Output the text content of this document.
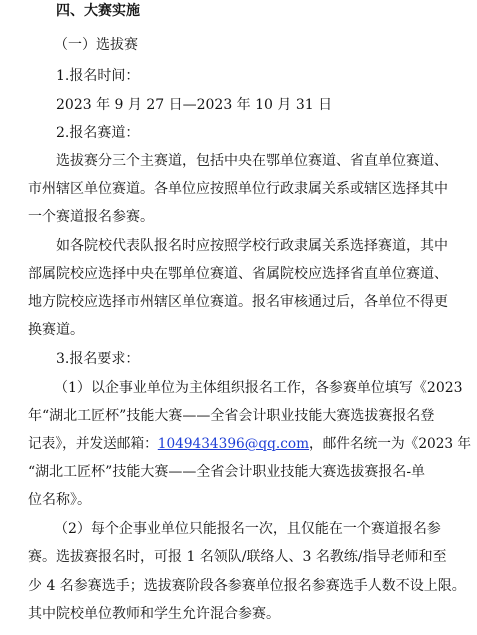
四、大赛实施
（一）选拔赛
1.报名时间：
2023 年 9 月 27 日—2023 年 10 月 31 日
2.报名赛道：
选拔赛分三个主赛道，包括中央在鄂单位赛道、省直单位赛道、
市州辖区单位赛道。各单位应按照单位行政隶属关系或辖区选择其中
一个赛道报名参赛。
如各院校代表队报名时应按照学校行政隶属关系选择赛道，其中
部属院校应选择中央在鄂单位赛道、省属院校应选择省直单位赛道、
地方院校应选择市州辖区单位赛道。报名审核通过后，各单位不得更
换赛道。
3.报名要求：
（1）以企事业单位为主体组织报名工作，各参赛单位填写《2023
年“湖北工匠杯”技能大赛——全省会计职业技能大赛选拔赛报名登
记表》，并发送邮箱：1049434396@qq.com，邮件名统一为《2023 年
“湖北工匠杯”技能大赛——全省会计职业技能大赛选拔赛报名-单
位名称》。
（2）每个企事业单位只能报名一次，且仅能在一个赛道报名参
赛。选拔赛报名时，可报 1 名领队/联络人、3 名教练/指导老师和至
少 4 名参赛选手；选拔赛阶段各参赛单位报名参赛选手人数不设上限。
其中院校单位教师和学生允许混合参赛。
